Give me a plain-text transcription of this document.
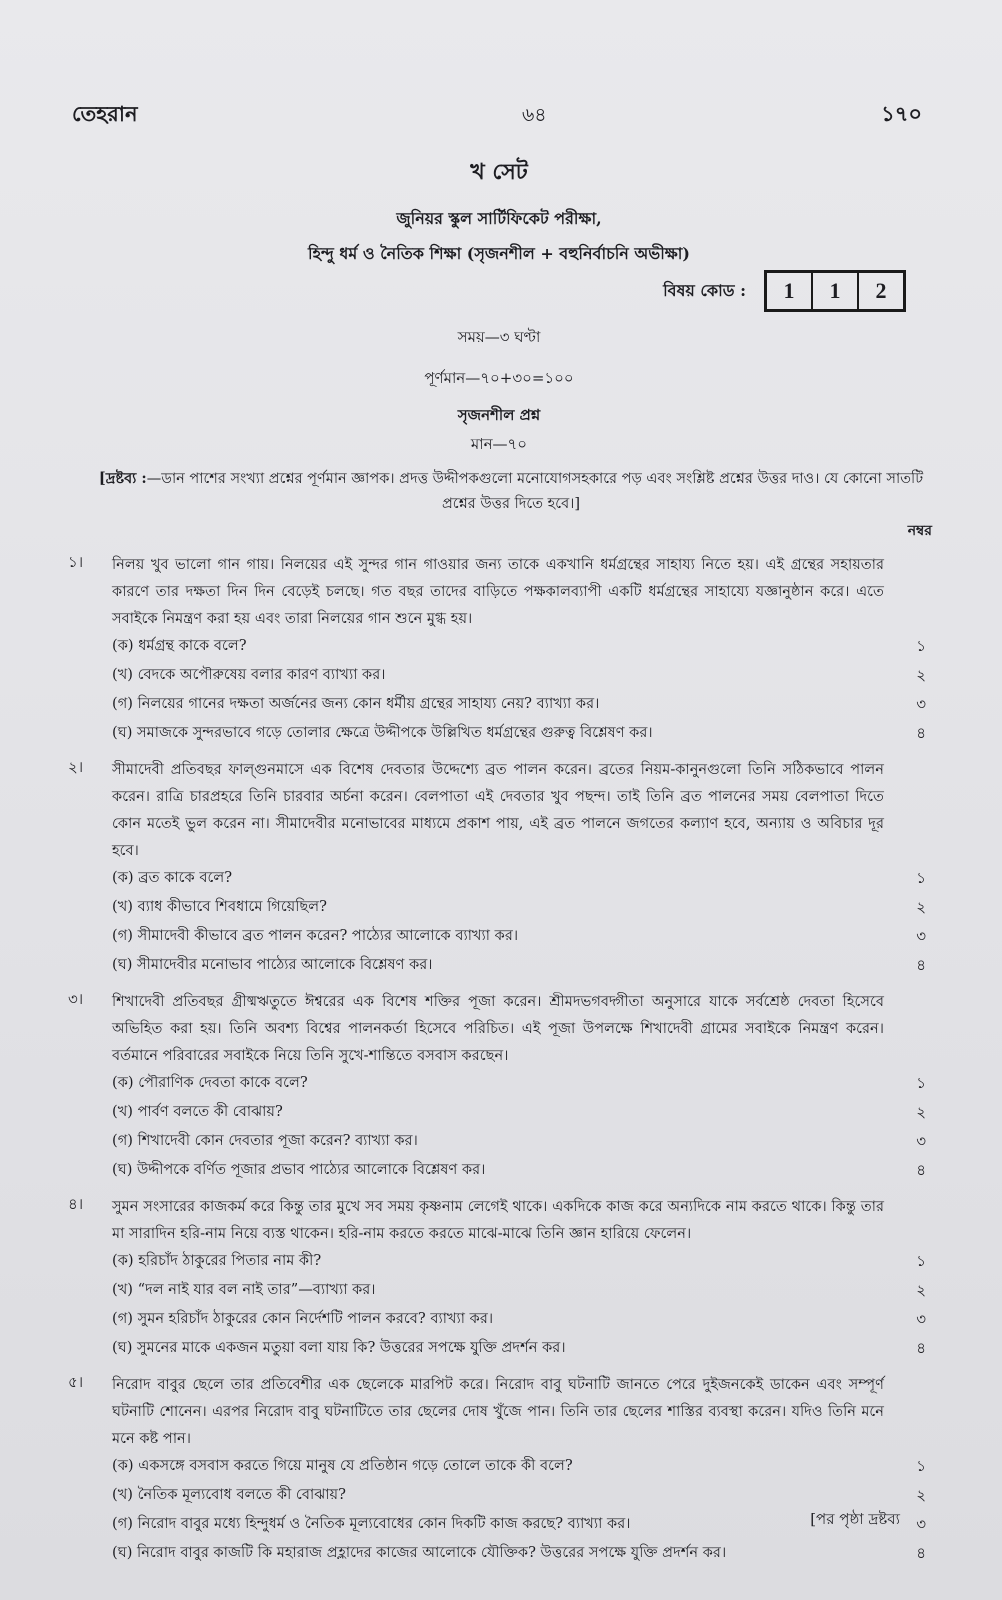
তেহরান	৬৪	১৭০
খ সেট
জুনিয়র স্কুল সার্টিফিকেট পরীক্ষা,
হিন্দু ধর্ম ও নৈতিক শিক্ষা (সৃজনশীল + বহুনির্বাচনি অভীক্ষা)
বিষয় কোড :	1	1	2
সময়—৩ ঘণ্টা
পূর্ণমান—৭০+৩০=১০০
সৃজনশীল প্রশ্ন
মান—৭০
[দ্রষ্টব্য :—ডান পাশের সংখ্যা প্রশ্নের পূর্ণমান জ্ঞাপক। প্রদত্ত উদ্দীপকগুলো মনোযোগসহকারে পড় এবং সংশ্লিষ্ট প্রশ্নের উত্তর দাও। যে কোনো সাতটি প্রশ্নের উত্তর দিতে হবে।]
নম্বর
১। নিলয় খুব ভালো গান গায়। নিলয়ের এই সুন্দর গান গাওয়ার জন্য তাকে একখানি ধর্মগ্রন্থের সাহায্য নিতে হয়। এই গ্রন্থের সহায়তার কারণে তার দক্ষতা দিন দিন বেড়েই চলছে। গত বছর তাদের বাড়িতে পক্ষকালব্যাপী একটি ধর্মগ্রন্থের সাহায্যে যজ্ঞানুষ্ঠান করে। এতে সবাইকে নিমন্ত্রণ করা হয় এবং তারা নিলয়ের গান শুনে মুগ্ধ হয়।
(ক) ধর্মগ্রন্থ কাকে বলে?	১
(খ) বেদকে অপৌরুষেয় বলার কারণ ব্যাখ্যা কর।	২
(গ) নিলয়ের গানের দক্ষতা অর্জনের জন্য কোন ধর্মীয় গ্রন্থের সাহায্য নেয়? ব্যাখ্যা কর।	৩
(ঘ) সমাজকে সুন্দরভাবে গড়ে তোলার ক্ষেত্রে উদ্দীপকে উল্লিখিত ধর্মগ্রন্থের গুরুত্ব বিশ্লেষণ কর।	৪
২। সীমাদেবী প্রতিবছর ফাল্গুনমাসে এক বিশেষ দেবতার উদ্দেশ্যে ব্রত পালন করেন। ব্রতের নিয়ম-কানুনগুলো তিনি সঠিকভাবে পালন করেন। রাত্রি চারপ্রহরে তিনি চারবার অর্চনা করেন। বেলপাতা এই দেবতার খুব পছন্দ। তাই তিনি ব্রত পালনের সময় বেলপাতা দিতে কোন মতেই ভুল করেন না। সীমাদেবীর মনোভাবের মাধ্যমে প্রকাশ পায়, এই ব্রত পালনে জগতের কল্যাণ হবে, অন্যায় ও অবিচার দূর হবে।
(ক) ব্রত কাকে বলে?	১
(খ) ব্যাধ কীভাবে শিবধামে গিয়েছিল?	২
(গ) সীমাদেবী কীভাবে ব্রত পালন করেন? পাঠ্যের আলোকে ব্যাখ্যা কর।	৩
(ঘ) সীমাদেবীর মনোভাব পাঠ্যের আলোকে বিশ্লেষণ কর।	৪
৩। শিখাদেবী প্রতিবছর গ্রীষ্মঋতুতে ঈশ্বরের এক বিশেষ শক্তির পূজা করেন। শ্রীমদভগবদ্গীতা অনুসারে যাকে সর্বশ্রেষ্ঠ দেবতা হিসেবে অভিহিত করা হয়। তিনি অবশ্য বিশ্বের পালনকর্তা হিসেবে পরিচিত। এই পূজা উপলক্ষে শিখাদেবী গ্রামের সবাইকে নিমন্ত্রণ করেন। বর্তমানে পরিবারের সবাইকে নিয়ে তিনি সুখে-শান্তিতে বসবাস করছেন।
(ক) পৌরাণিক দেবতা কাকে বলে?	১
(খ) পার্বণ বলতে কী বোঝায়?	২
(গ) শিখাদেবী কোন দেবতার পূজা করেন? ব্যাখ্যা কর।	৩
(ঘ) উদ্দীপকে বর্ণিত পূজার প্রভাব পাঠ্যের আলোকে বিশ্লেষণ কর।	৪
৪। সুমন সংসারের কাজকর্ম করে কিন্তু তার মুখে সব সময় কৃষ্ণনাম লেগেই থাকে। একদিকে কাজ করে অন্যদিকে নাম করতে থাকে। কিন্তু তার মা সারাদিন হরি-নাম নিয়ে ব্যস্ত থাকেন। হরি-নাম করতে করতে মাঝে-মাঝে তিনি জ্ঞান হারিয়ে ফেলেন।
(ক) হরিচাঁদ ঠাকুরের পিতার নাম কী?	১
(খ) “দল নাই যার বল নাই তার”—ব্যাখ্যা কর।	২
(গ) সুমন হরিচাঁদ ঠাকুরের কোন নির্দেশটি পালন করবে? ব্যাখ্যা কর।	৩
(ঘ) সুমনের মাকে একজন মতুয়া বলা যায় কি? উত্তরের সপক্ষে যুক্তি প্রদর্শন কর।	৪
৫। নিরোদ বাবুর ছেলে তার প্রতিবেশীর এক ছেলেকে মারপিট করে। নিরোদ বাবু ঘটনাটি জানতে পেরে দুইজনকেই ডাকেন এবং সম্পূর্ণ ঘটনাটি শোনেন। এরপর নিরোদ বাবু ঘটনাটিতে তার ছেলের দোষ খুঁজে পান। তিনি তার ছেলের শাস্তির ব্যবস্থা করেন। যদিও তিনি মনে মনে কষ্ট পান।
(ক) একসঙ্গে বসবাস করতে গিয়ে মানুষ যে প্রতিষ্ঠান গড়ে তোলে তাকে কী বলে?	১
(খ) নৈতিক মূল্যবোধ বলতে কী বোঝায়?	২
(গ) নিরোদ বাবুর মধ্যে হিন্দুধর্ম ও নৈতিক মূল্যবোধের কোন দিকটি কাজ করছে? ব্যাখ্যা কর।	৩
(ঘ) নিরোদ বাবুর কাজটি কি মহারাজ প্রহ্লাদের কাজের আলোকে যৌক্তিক? উত্তরের সপক্ষে যুক্তি প্রদর্শন কর।	৪
[পর পৃষ্ঠা দ্রষ্টব্য
